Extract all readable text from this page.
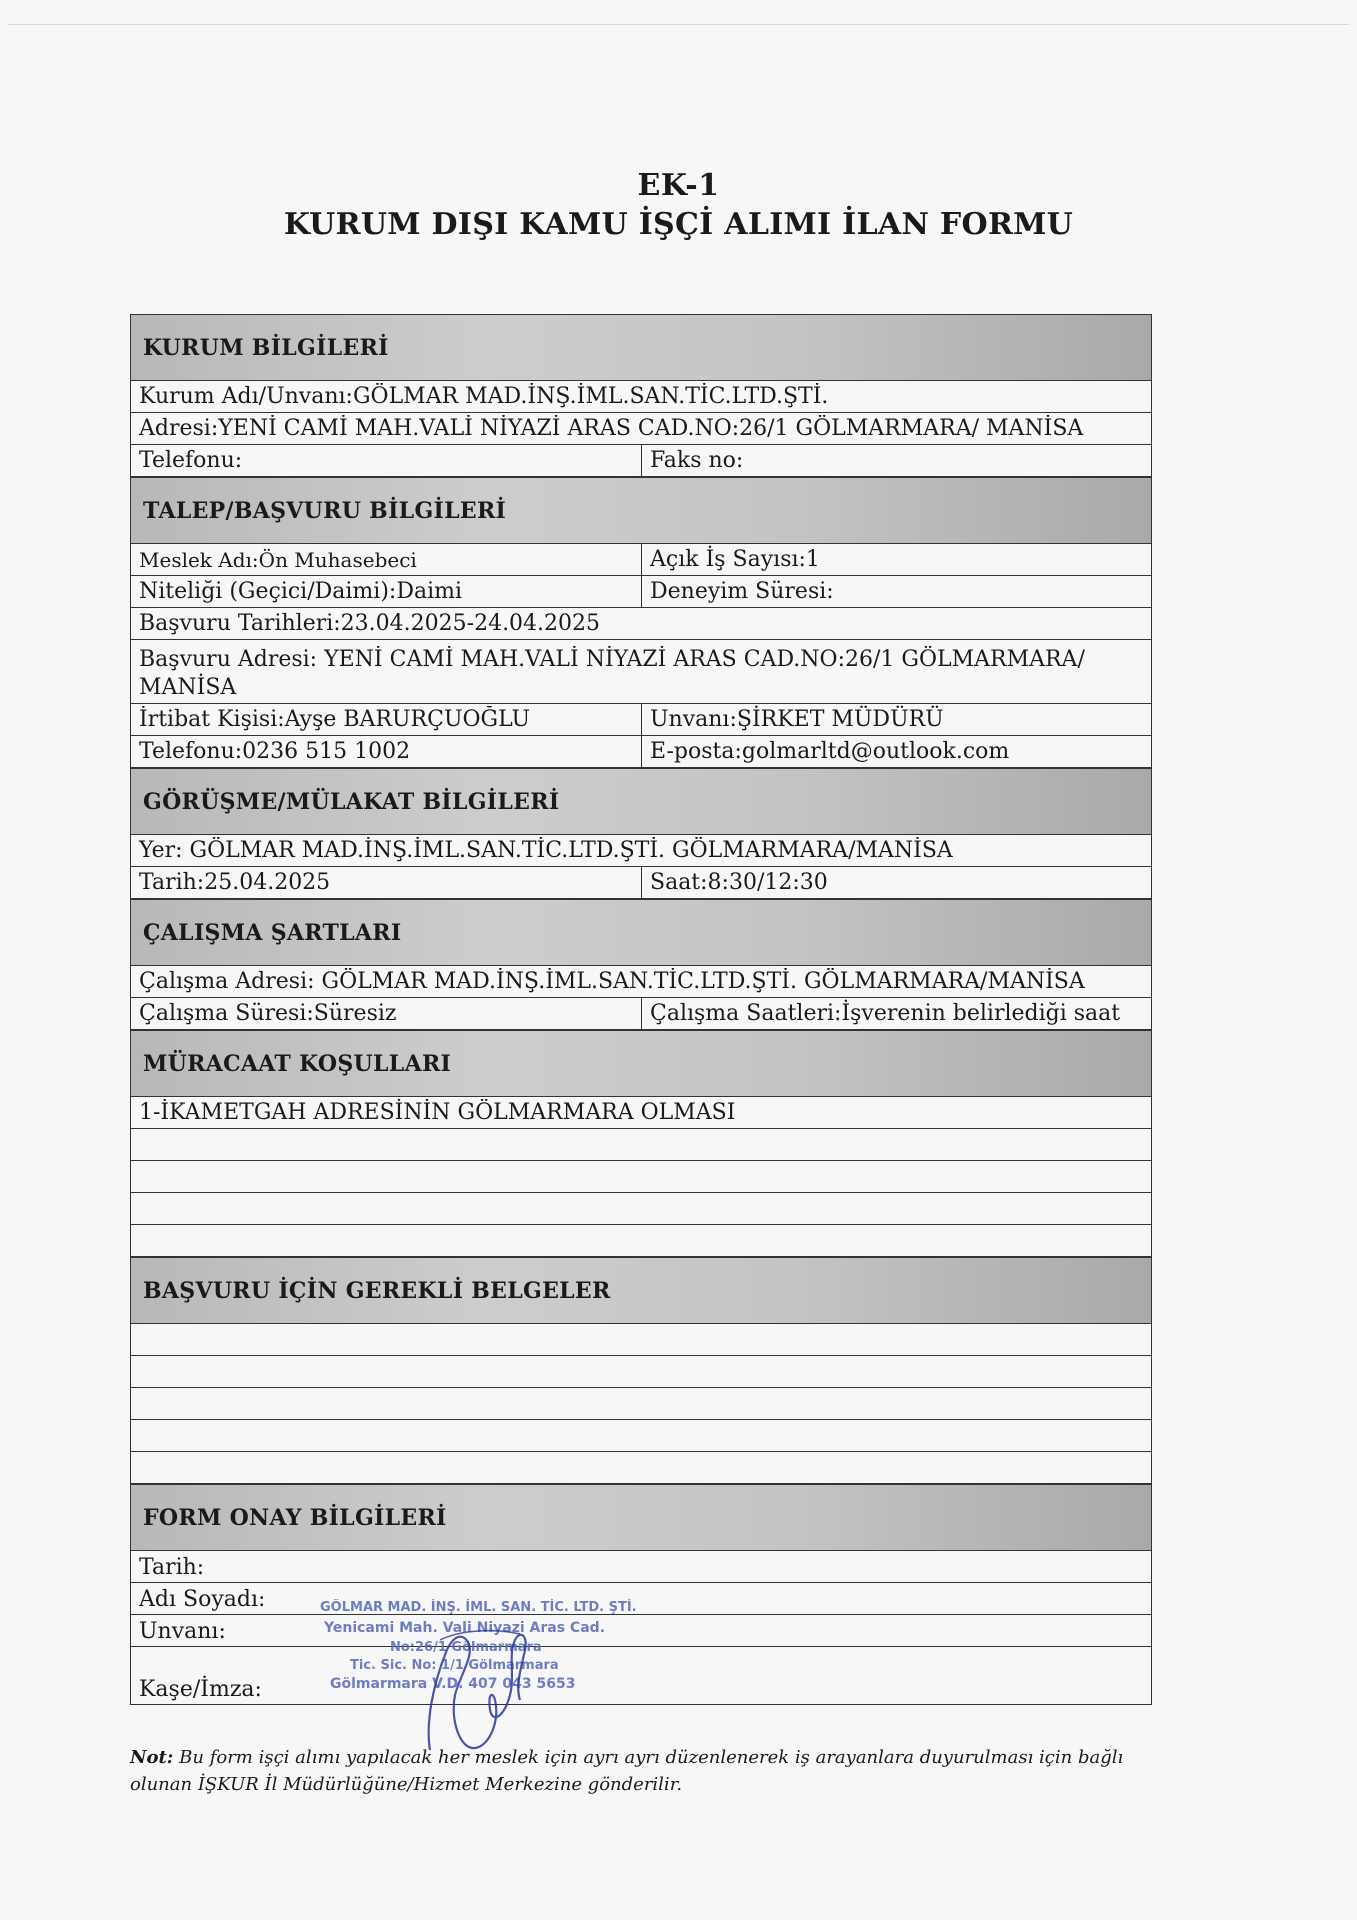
EK-1
KURUM DIŞI KAMU İŞÇİ ALIMI İLAN FORMU
KURUM BİLGİLERİ
Kurum Adı/Unvanı:GÖLMAR MAD.İNŞ.İML.SAN.TİC.LTD.ŞTİ.
Adresi:YENİ CAMİ MAH.VALİ NİYAZİ ARAS CAD.NO:26/1 GÖLMARMARA/ MANİSA
Telefonu:	Faks no:
TALEP/BAŞVURU BİLGİLERİ
Meslek Adı:Ön Muhasebeci	Açık İş Sayısı:1
Niteliği (Geçici/Daimi):Daimi	Deneyim Süresi:
Başvuru Tarihleri:23.04.2025-24.04.2025
Başvuru Adresi: YENİ CAMİ MAH.VALİ NİYAZİ ARAS CAD.NO:26/1 GÖLMARMARA/ MANİSA
İrtibat Kişisi:Ayşe BARURÇUOĞLU	Unvanı:ŞİRKET MÜDÜRÜ
Telefonu:0236 515 1002	E-posta:golmarltd@outlook.com
GÖRÜŞME/MÜLAKAT BİLGİLERİ
Yer: GÖLMAR MAD.İNŞ.İML.SAN.TİC.LTD.ŞTİ. GÖLMARMARA/MANİSA
Tarih:25.04.2025	Saat:8:30/12:30
ÇALIŞMA ŞARTLARI
Çalışma Adresi: GÖLMAR MAD.İNŞ.İML.SAN.TİC.LTD.ŞTİ. GÖLMARMARA/MANİSA
Çalışma Süresi:Süresiz	Çalışma Saatleri:İşverenin belirlediği saat
MÜRACAAT KOŞULLARI
1-İKAMETGAH ADRESİNİN GÖLMARMARA OLMASI
BAŞVURU İÇİN GEREKLİ BELGELER
FORM ONAY BİLGİLERİ
Tarih:
Adı Soyadı:
Unvanı:
Kaşe/İmza:
GÖLMAR MAD. İNŞ. İML. SAN. TİC. LTD. ŞTİ.
Yenicami Mah. Vali Niyazi Aras Cad.
No:26/1 Gölmarmara
Tic. Sic. No: 1/1 Gölmarmara
Gölmarmara V.D. 407 043 5653
Not: Bu form işçi alımı yapılacak her meslek için ayrı ayrı düzenlenerek iş arayanlara duyurulması için bağlı olunan İŞKUR İl Müdürlüğüne/Hizmet Merkezine gönderilir.
